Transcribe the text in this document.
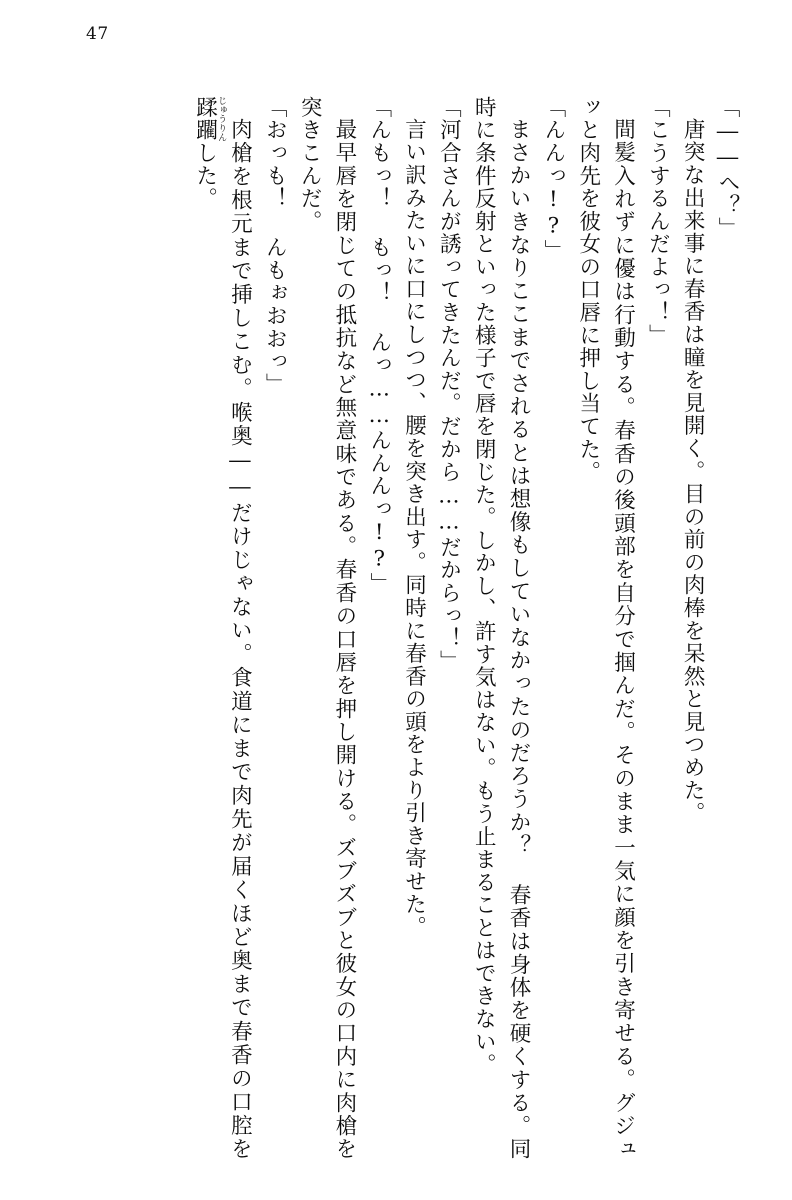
47

「――へ？」

唐突な出来事に春香は瞳を見開く。目の前の肉棒を呆然と見つめた。

「こうするんだよっ！」

間髪入れずに優は行動する。春香の後頭部を自分で掴んだ。そのまま一気に顔を引き寄せる。グジュッと肉先を彼女の口唇に押し当てた。

「んんっ!?」

まさかいきなりここまでされるとは想像もしていなかったのだろうか？ 春香は身体を硬くする。同時に条件反射といった様子で唇を閉じた。しかし、許す気はない。もう止まることはできない。

「河合さんが誘ってきたんだ。だから……だからっ！」

言い訳みたいに口にしつつ、腰を突き出す。同時に春香の頭をより引き寄せた。

「んもっ！ もっ！ んっ……んんんっ!?」

最早唇を閉じての抵抗など無意味である。春香の口唇を押し開ける。ズブズブと彼女の口内に肉槍を突きこんだ。

「おっも！ んもぉおおっ」

肉槍を根元まで挿しこむ。喉奥――だけじゃない。食道にまで肉先が届くほど奥まで春香の口腔を 蹂躙じゅうりんした。
